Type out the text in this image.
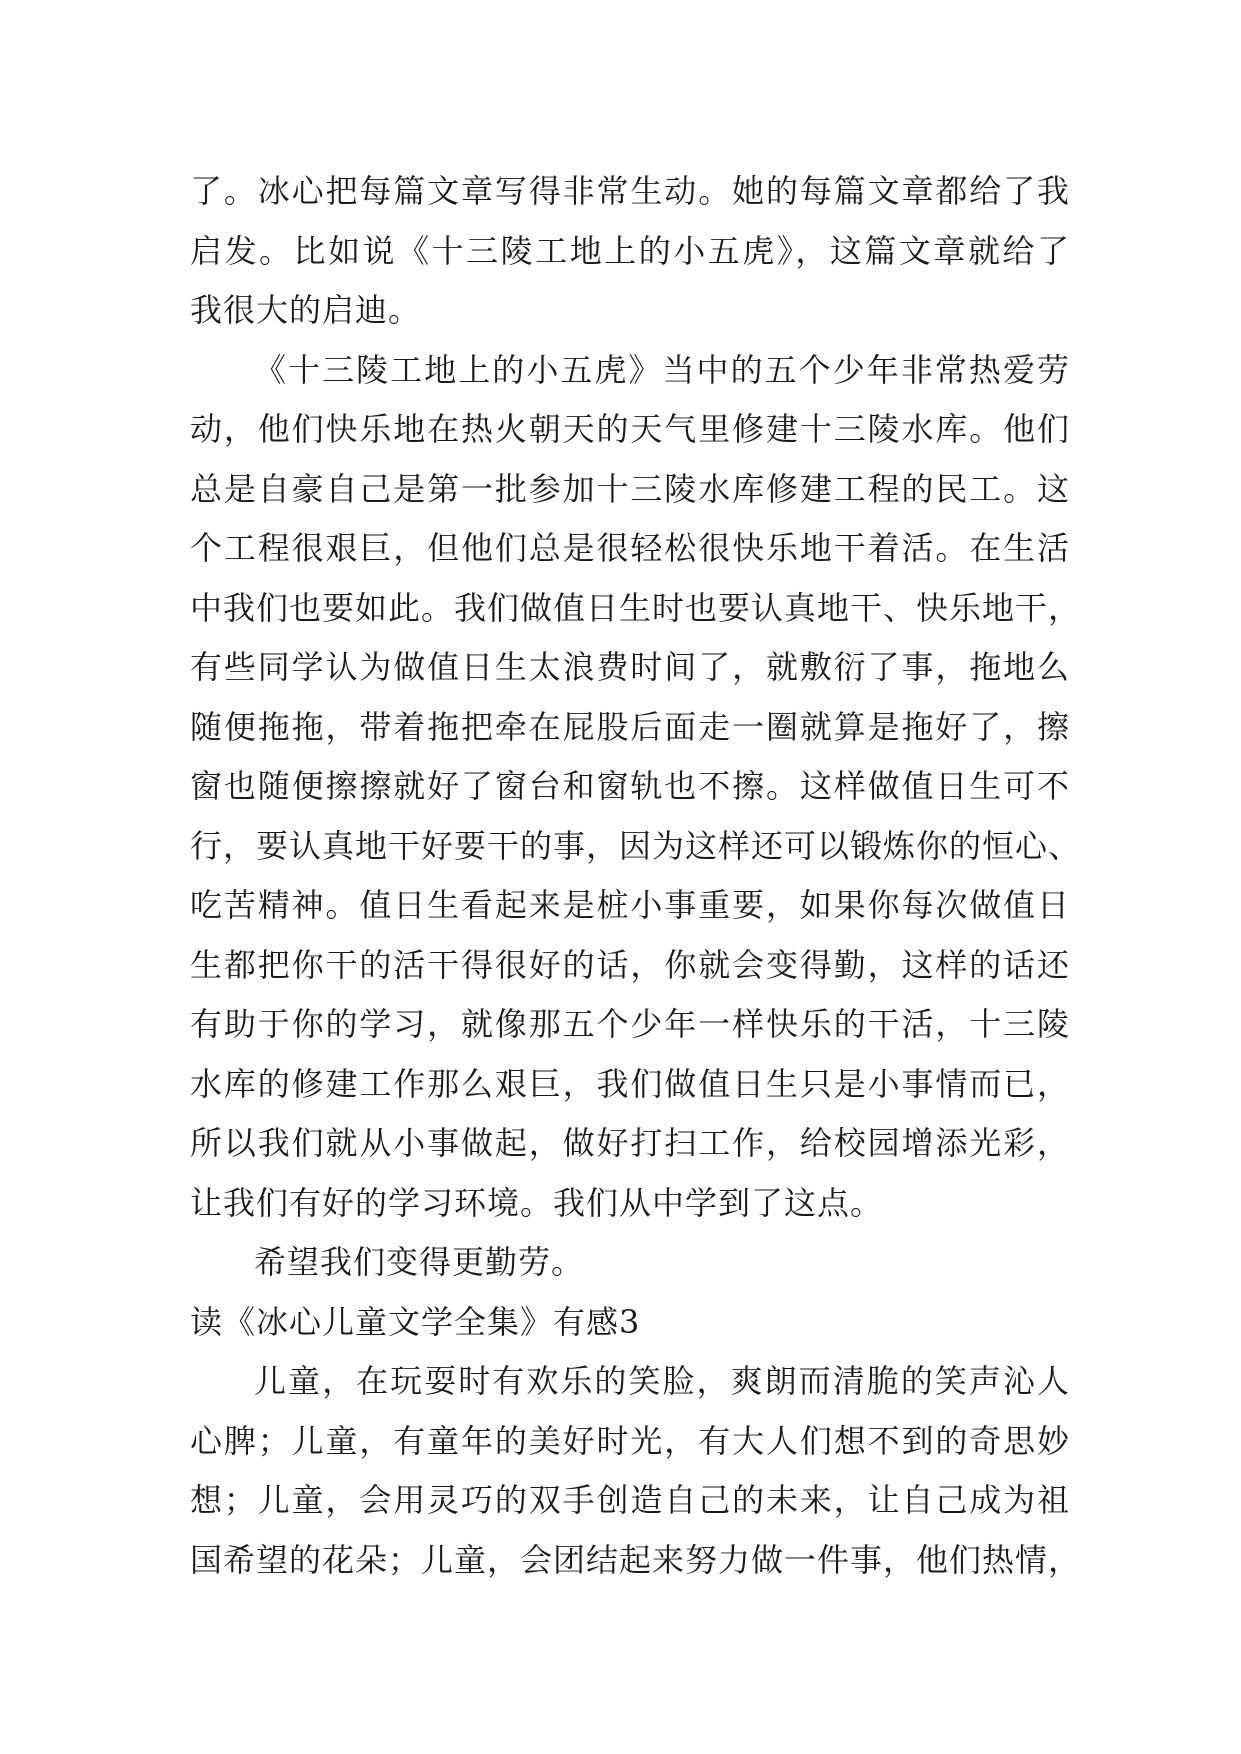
了。冰心把每篇文章写得非常生动。她的每篇文章都给了我
启发。比如说《十三陵工地上的小五虎》，这篇文章就给了
我很大的启迪。
《十三陵工地上的小五虎》当中的五个少年非常热爱劳
动，他们快乐地在热火朝天的天气里修建十三陵水库。他们
总是自豪自己是第一批参加十三陵水库修建工程的民工。这
个工程很艰巨，但他们总是很轻松很快乐地干着活。在生活
中我们也要如此。我们做值日生时也要认真地干、快乐地干，
有些同学认为做值日生太浪费时间了，就敷衍了事，拖地么
随便拖拖，带着拖把牵在屁股后面走一圈就算是拖好了，擦
窗也随便擦擦就好了窗台和窗轨也不擦。这样做值日生可不
行，要认真地干好要干的事，因为这样还可以锻炼你的恒心、
吃苦精神。值日生看起来是桩小事重要，如果你每次做值日
生都把你干的活干得很好的话，你就会变得勤，这样的话还
有助于你的学习，就像那五个少年一样快乐的干活，十三陵
水库的修建工作那么艰巨，我们做值日生只是小事情而已，
所以我们就从小事做起，做好打扫工作，给校园增添光彩，
让我们有好的学习环境。我们从中学到了这点。
希望我们变得更勤劳。
读《冰心儿童文学全集》有感3
儿童，在玩耍时有欢乐的笑脸，爽朗而清脆的笑声沁人
心脾；儿童，有童年的美好时光，有大人们想不到的奇思妙
想；儿童，会用灵巧的双手创造自己的未来，让自己成为祖
国希望的花朵；儿童，会团结起来努力做一件事，他们热情，
